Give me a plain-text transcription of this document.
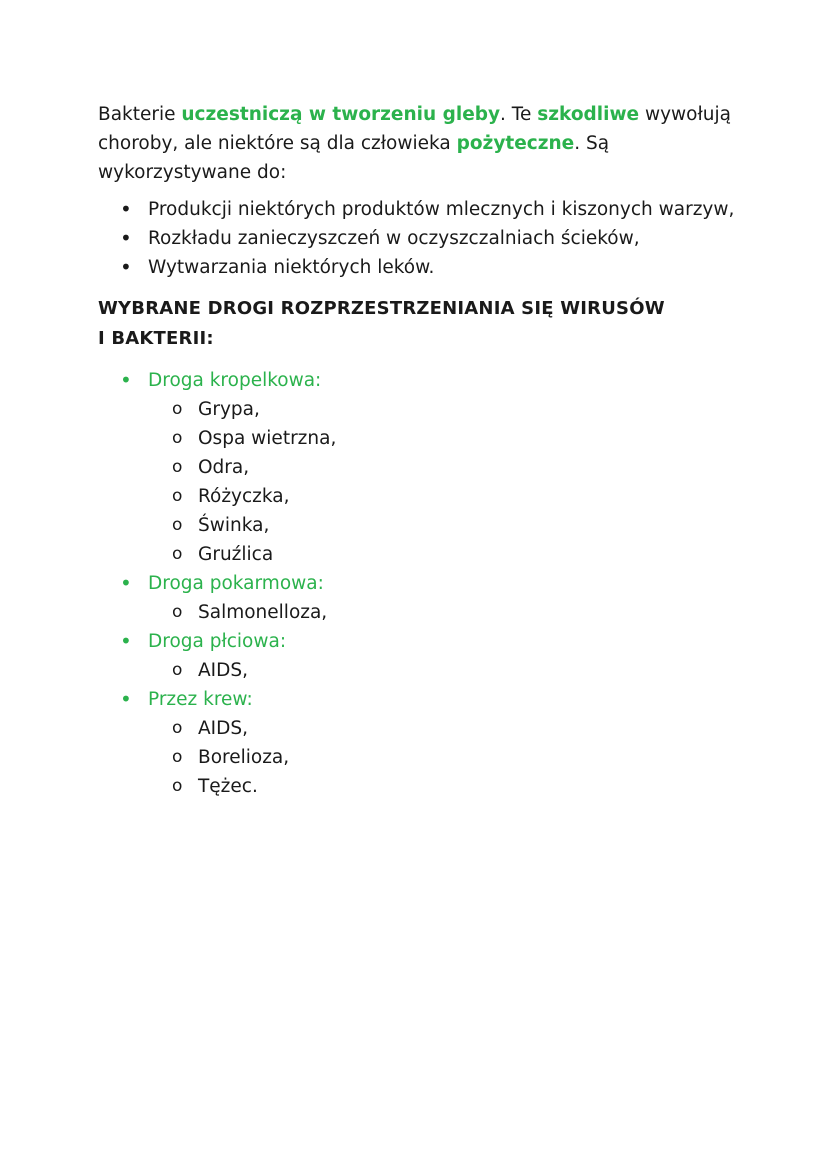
Bakterie uczestniczą w tworzeniu gleby. Te szkodliwe wywołują choroby, ale niektóre są dla człowieka pożyteczne. Są wykorzystywane do:

• Produkcji niektórych produktów mlecznych i kiszonych warzyw,
• Rozkładu zanieczyszczeń w oczyszczalniach ścieków,
• Wytwarzania niektórych leków.
WYBRANE DROGI ROZPRZESTRZENIANIA SIĘ WIRUSÓW
I BAKTERII:
• Droga kropelkowa:
o Grypa,
o Ospa wietrzna,
o Odra,
o Różyczka,
o Świnka,
o Gruźlica
• Droga pokarmowa:
o Salmonelloza,
• Droga płciowa:
o AIDS,
• Przez krew:
o AIDS,
o Borelioza,
o Tężec.
